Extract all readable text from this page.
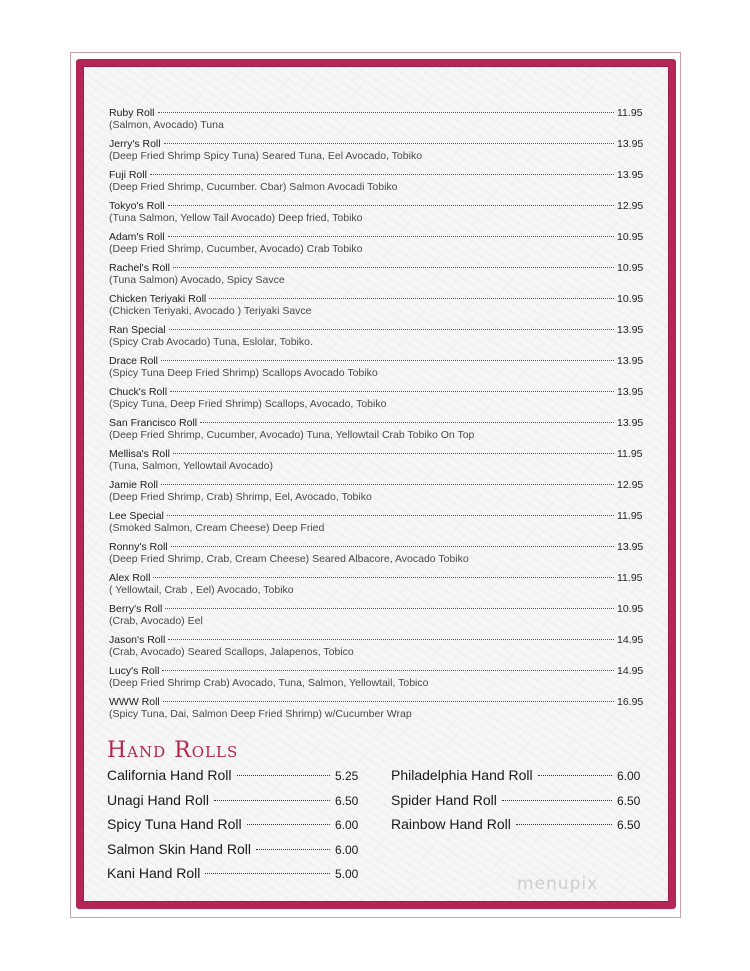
Ruby Roll	11.95
(Salmon, Avocado) Tuna
Jerry's Roll	13.95
(Deep Fried Shrimp Spicy Tuna) Seared Tuna, Eel Avocado, Tobiko
Fuji Roll	13.95
(Deep Fried Shrimp, Cucumber. Cbar) Salmon Avocadi Tobiko
Tokyo's Roll	12.95
(Tuna Salmon, Yellow Tail Avocado) Deep fried, Tobiko
Adam's Roll	10.95
(Deep Fried Shrimp, Cucumber, Avocado) Crab Tobiko
Rachel's Roll	10.95
(Tuna Salmon) Avocado, Spicy Savce
Chicken Teriyaki Roll	10.95
(Chicken Teriyaki, Avocado ) Teriyaki Savce
Ran Special	13.95
(Spicy Crab Avocado) Tuna, Eslolar, Tobiko.
Drace Roll	13.95
(Spicy Tuna Deep Fried Shrimp) Scallops Avocado Tobiko
Chuck's Roll	13.95
(Spicy Tuna, Deep Fried Shrimp) Scallops, Avocado, Tobiko
San Francisco Roll	13.95
(Deep Fried Shrimp, Cucumber, Avocado) Tuna, Yellowtail Crab Tobiko On Top
Mellisa's Roll	11.95
(Tuna, Salmon, Yellowtail Avocado)
Jamie Roll	12.95
(Deep Fried Shrimp, Crab) Shrimp, Eel, Avocado, Tobiko
Lee Special	11.95
(Smoked Salmon, Cream Cheese) Deep Fried
Ronny's Roll	13.95
(Deep Fried Shrimp, Crab, Cream Cheese) Seared Albacore, Avocado Tobiko
Alex Roll	11.95
( Yellowtail, Crab , Eel) Avocado, Tobiko
Berry's Roll	10.95
(Crab, Avocado) Eel
Jason's Roll	14.95
(Crab, Avocado) Seared Scallops, Jalapenos, Tobico
Lucy's Roll	14.95
(Deep Fried Shrimp Crab) Avocado, Tuna, Salmon, Yellowtail, Tobico
WWW Roll	16.95
(Spicy Tuna, Dai, Salmon Deep Fried Shrimp) w/Cucumber Wrap
Hand Rolls
California Hand Roll	5.25
Unagi Hand Roll	6.50
Spicy Tuna Hand Roll	6.00
Salmon Skin Hand Roll	6.00
Kani Hand Roll	5.00
Philadelphia Hand Roll	6.00
Spider Hand Roll	6.50
Rainbow Hand Roll	6.50
menupix
